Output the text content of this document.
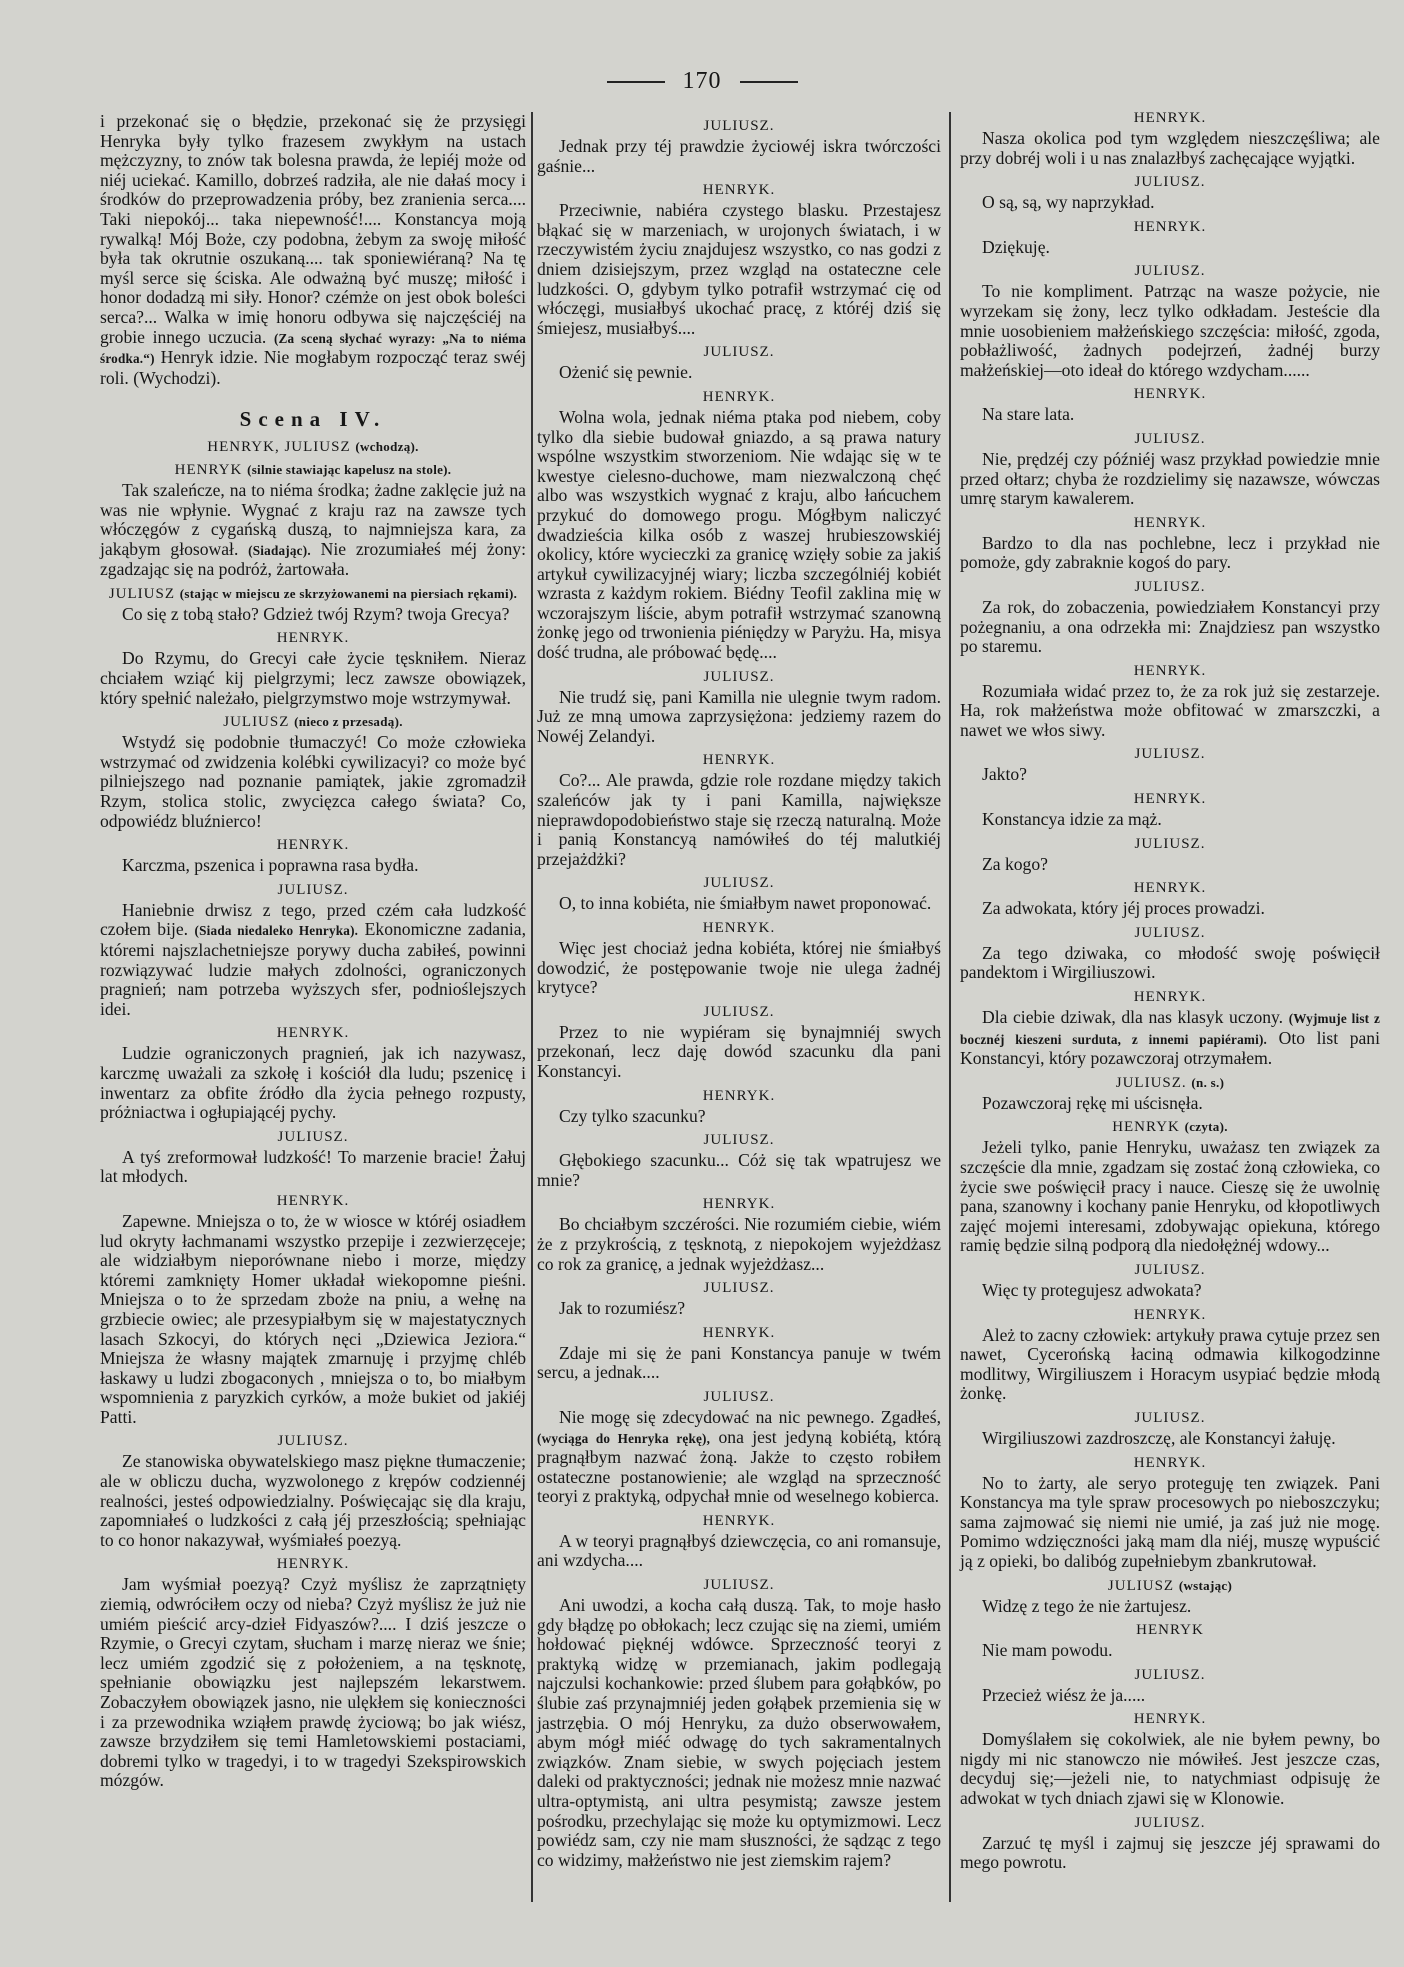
170

i przekonać się o błędzie, przekonać się że przysięgi Henryka były tylko frazesem zwykłym na ustach mężczyzny, to znów tak bolesna prawda, że lepiéj może od niéj uciekać. Kamillo, dobrześ radziła, ale nie dałaś mocy i środków do przeprowadzenia próby, bez zranienia serca.... Taki niepokój... taka niepewność!.... Konstancya moją rywalką! Mój Boże, czy podobna, żebym za swoję miłość była tak okrutnie oszukaną.... tak sponiewiéraną? Na tę myśl serce się ściska. Ale odważną być muszę; miłość i honor dodadzą mi siły. Honor? czémże on jest obok boleści serca?... Walka w imię honoru odbywa się najczęściéj na grobie innego uczucia. (Za sceną słychać wyrazy: „Na to niéma środka.“) Henryk idzie. Nie mogłabym rozpocząć teraz swéj roli. (Wychodzi).

Scena IV.
HENRYK, JULIUSZ (wchodzą).
HENRYK (silnie stawiając kapelusz na stole).

Tak szaleńcze, na to niéma środka; żadne zaklęcie już na was nie wpłynie. Wygnać z kraju raz na zawsze tych włóczęgów z cygańską duszą, to najmniejsza kara, za jakąbym głosował. (Siadając). Nie zrozumiałeś méj żony: zgadzając się na podróż, żartowała.

JULIUSZ (stając w miejscu ze skrzyżowanemi na piersiach rękami).

Co się z tobą stało? Gdzież twój Rzym? twoja Grecya?

HENRYK.

Do Rzymu, do Grecyi całe życie tęskniłem. Nieraz chciałem wziąć kij pielgrzymi; lecz zawsze obowiązek, który spełnić należało, pielgrzymstwo moje wstrzymywał.

JULIUSZ (nieco z przesadą).

Wstydź się podobnie tłumaczyć! Co może człowieka wstrzymać od zwidzenia kolébki cywilizacyi? co może być pilniejszego nad poznanie pamiątek, jakie zgromadził Rzym, stolica stolic, zwycięzca całego świata? Co, odpowiédz bluźnierco!

HENRYK.

Karczma, pszenica i poprawna rasa bydła.

JULIUSZ.

Haniebnie drwisz z tego, przed czém cała ludzkość czołem bije. (Siada niedaleko Henryka). Ekonomiczne zadania, któremi najszlachetniejsze porywy ducha zabiłeś, powinni rozwiązywać ludzie małych zdolności, ograniczonych pragnień; nam potrzeba wyższych sfer, podnioślejszych idei.

HENRYK.

Ludzie ograniczonych pragnień, jak ich nazywasz, karczmę uważali za szkołę i kościół dla ludu; pszenicę i inwentarz za obfite źródło dla życia pełnego rozpusty, próżniactwa i ogłupiającéj pychy.

JULIUSZ.

A tyś zreformował ludzkość! To marzenie bracie! Żałuj lat młodych.

HENRYK.

Zapewne. Mniejsza o to, że w wiosce w któréj osiadłem lud okryty łachmanami wszystko przepije i zezwierzęceje; ale widziałbym nieporównane niebo i morze, między któremi zamknięty Homer układał wiekopomne pieśni. Mniejsza o to że sprzedam zboże na pniu, a wełnę na grzbiecie owiec; ale przesypiałbym się w majestatycznych lasach Szkocyi, do których nęci „Dziewica Jeziora.“ Mniejsza że własny majątek zmarnuję i przyjmę chléb łaskawy u ludzi zbogaconych , mniejsza o to, bo miałbym wspomnienia z paryzkich cyrków, a może bukiet od jakiéj Patti.

JULIUSZ.

Ze stanowiska obywatelskiego masz piękne tłumaczenie; ale w obliczu ducha, wyzwolonego z krępów codziennéj realności, jesteś odpowiedzialny. Poświęcając się dla kraju, zapomniałeś o ludzkości z całą jéj przeszłością; spełniając to co honor nakazywał, wyśmiałeś poezyą.

HENRYK.

Jam wyśmiał poezyą? Czyż myślisz że zaprzątnięty ziemią, odwróciłem oczy od nieba? Czyż myślisz że już nie umiém pieścić arcy-dzieł Fidyaszów?.... I dziś jeszcze o Rzymie, o Grecyi czytam, słucham i marzę nieraz we śnie; lecz umiém zgodzić się z położeniem, a na tęsknotę, spełnianie obowiązku jest najlepszém lekarstwem. Zobaczyłem obowiązek jasno, nie ulękłem się konieczności i za przewodnika wziąłem prawdę życiową; bo jak wiész, zawsze brzydziłem się temi Hamletowskiemi postaciami, dobremi tylko w tragedyi, i to w tragedyi Szekspirowskich mózgów.

JULIUSZ.

Jednak przy téj prawdzie życiowéj iskra twórczości gaśnie...

HENRYK.

Przeciwnie, nabiéra czystego blasku. Przestajesz błąkać się w marzeniach, w urojonych światach, i w rzeczywistém życiu znajdujesz wszystko, co nas godzi z dniem dzisiejszym, przez wzgląd na ostateczne cele ludzkości. O, gdybym tylko potrafił wstrzymać cię od włóczęgi, musiałbyś ukochać pracę, z któréj dziś się śmiejesz, musiałbyś....

JULIUSZ.

Ożenić się pewnie.

HENRYK.

Wolna wola, jednak niéma ptaka pod niebem, coby tylko dla siebie budował gniazdo, a są prawa natury wspólne wszystkim stworzeniom. Nie wdając się w te kwestye cielesno-duchowe, mam niezwalczoną chęć albo was wszystkich wygnać z kraju, albo łańcuchem przykuć do domowego progu. Mógłbym naliczyć dwadzieścia kilka osób z waszej hrubieszowskiéj okolicy, które wycieczki za granicę wzięły sobie za jakiś artykuł cywilizacyjnéj wiary; liczba szczególniéj kobiét wzrasta z każdym rokiem. Biédny Teofil zaklina mię w wczorajszym liście, abym potrafił wstrzymać szanowną żonkę jego od trwonienia piéniędzy w Paryżu. Ha, misya dość trudna, ale próbować będę....

JULIUSZ.

Nie trudź się, pani Kamilla nie ulegnie twym radom. Już ze mną umowa zaprzysiężona: jedziemy razem do Nowéj Zelandyi.

HENRYK.

Co?... Ale prawda, gdzie role rozdane między takich szaleńców jak ty i pani Kamilla, największe nieprawdopodobieństwo staje się rzeczą naturalną. Może i panią Konstancyą namówiłeś do téj malutkiéj przejażdżki?

JULIUSZ.

O, to inna kobiéta, nie śmiałbym nawet proponować.

HENRYK.

Więc jest chociaż jedna kobiéta, której nie śmiałbyś dowodzić, że postępowanie twoje nie ulega żadnéj krytyce?

JULIUSZ.

Przez to nie wypiéram się bynajmniéj swych przekonań, lecz daję dowód szacunku dla pani Konstancyi.

HENRYK.

Czy tylko szacunku?

JULIUSZ.

Głębokiego szacunku... Cóż się tak wpatrujesz we mnie?

HENRYK.

Bo chciałbym szczérości. Nie rozumiém ciebie, wiém że z przykrością, z tęsknotą, z niepokojem wyjeżdżasz co rok za granicę, a jednak wyjeżdżasz...

JULIUSZ.

Jak to rozumiész?

HENRYK.

Zdaje mi się że pani Konstancya panuje w twém sercu, a jednak....

JULIUSZ.

Nie mogę się zdecydować na nic pewnego. Zgadłeś, (wyciąga do Henryka rękę), ona jest jedyną kobiétą, którą pragnąłbym nazwać żoną. Jakże to często robiłem ostateczne postanowienie; ale wzgląd na sprzeczność teoryi z praktyką, odpychał mnie od weselnego kobierca.

HENRYK.

A w teoryi pragnąłbyś dziewczęcia, co ani romansuje, ani wzdycha....

JULIUSZ.

Ani uwodzi, a kocha całą duszą. Tak, to moje hasło gdy błądzę po obłokach; lecz czując się na ziemi, umiém hołdować pięknéj wdówce. Sprzeczność teoryi z praktyką widzę w przemianach, jakim podlegają najczulsi kochankowie: przed ślubem para gołąbków, po ślubie zaś przynajmniéj jeden gołąbek przemienia się w jastrzębia. O mój Henryku, za dużo obserwowałem, abym mógł miéć odwagę do tych sakramentalnych związków. Znam siebie, w swych pojęciach jestem daleki od praktyczności; jednak nie możesz mnie nazwać ultra-optymistą, ani ultra pesymistą; zawsze jestem pośrodku, przechylając się może ku optymizmowi. Lecz powiédz sam, czy nie mam słuszności, że sądząc z tego co widzimy, małżeństwo nie jest ziemskim rajem?

HENRYK.

Nasza okolica pod tym względem nieszczęśliwa; ale przy dobréj woli i u nas znalazłbyś zachęcające wyjątki.

JULIUSZ.

O są, są, wy naprzykład.

HENRYK.

Dziękuję.

JULIUSZ.

To nie kompliment. Patrząc na wasze pożycie, nie wyrzekam się żony, lecz tylko odkładam. Jesteście dla mnie uosobieniem małżeńskiego szczęścia: miłość, zgoda, pobłażliwość, żadnych podejrzeń, żadnéj burzy małżeńskiej—oto ideał do którego wzdycham......

HENRYK.

Na stare lata.

JULIUSZ.

Nie, prędzéj czy późniéj wasz przykład powiedzie mnie przed ołtarz; chyba że rozdzielimy się nazawsze, wówczas umrę starym kawalerem.

HENRYK.

Bardzo to dla nas pochlebne, lecz i przykład nie pomoże, gdy zabraknie kogoś do pary.

JULIUSZ.

Za rok, do zobaczenia, powiedziałem Konstancyi przy pożegnaniu, a ona odrzekła mi: Znajdziesz pan wszystko po staremu.

HENRYK.

Rozumiała widać przez to, że za rok już się zestarzeje. Ha, rok małżeństwa może obfitować w zmarszczki, a nawet we włos siwy.

JULIUSZ.

Jakto?

HENRYK.

Konstancya idzie za mąż.

JULIUSZ.

Za kogo?

HENRYK.

Za adwokata, który jéj proces prowadzi.

JULIUSZ.

Za tego dziwaka, co młodość swoję poświęcił pandektom i Wirgiliuszowi.

HENRYK.

Dla ciebie dziwak, dla nas klasyk uczony. (Wyjmuje list z bocznéj kieszeni surduta, z innemi papiérami). Oto list pani Konstancyi, który pozawczoraj otrzymałem.

JULIUSZ. (n. s.)

Pozawczoraj rękę mi uścisnęła.

HENRYK (czyta).

Jeżeli tylko, panie Henryku, uważasz ten związek za szczęście dla mnie, zgadzam się zostać żoną człowieka, co życie swe poświęcił pracy i nauce. Cieszę się że uwolnię pana, szanowny i kochany panie Henryku, od kłopotliwych zajęć mojemi interesami, zdobywając opiekuna, którego ramię będzie silną podporą dla niedołężnéj wdowy...

JULIUSZ.

Więc ty protegujesz adwokata?

HENRYK.

Ależ to zacny człowiek: artykuły prawa cytuje przez sen nawet, Cycerońską łaciną odmawia kilkogodzinne modlitwy, Wirgiliuszem i Horacym usypiać będzie młodą żonkę.

JULIUSZ.

Wirgiliuszowi zazdroszczę, ale Konstancyi żałuję.

HENRYK.

No to żarty, ale seryo proteguję ten związek. Pani Konstancya ma tyle spraw procesowych po nieboszczyku; sama zajmować się niemi nie umié, ja zaś już nie mogę. Pomimo wdzięczności jaką mam dla niéj, muszę wypuścić ją z opieki, bo dalibóg zupełniebym zbankrutował.

JULIUSZ (wstając)

Widzę z tego że nie żartujesz.

HENRYK

Nie mam powodu.

JULIUSZ.

Przecież wiész że ja.....

HENRYK.

Domyślałem się cokolwiek, ale nie byłem pewny, bo nigdy mi nic stanowczo nie mówiłeś. Jest jeszcze czas, decyduj się;—jeżeli nie, to natychmiast odpisuję że adwokat w tych dniach zjawi się w Klonowie.

JULIUSZ.

Zarzuć tę myśl i zajmuj się jeszcze jéj sprawami do mego powrotu.
